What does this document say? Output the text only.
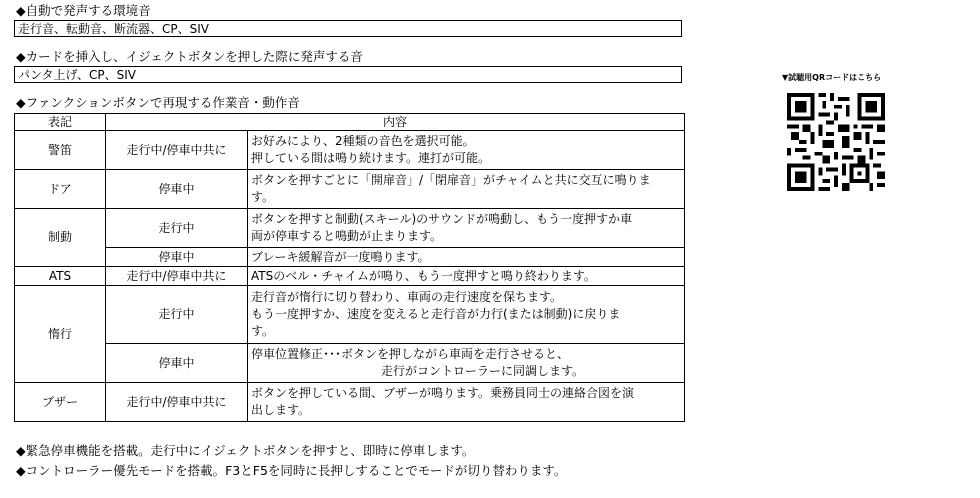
◆自動で発声する環境音
走行音、転動音、断流器、CP、SIV
◆カードを挿入し、イジェクトボタンを押した際に発声する音
パンタ上げ、CP、SIV
◆ファンクションボタンで再現する作業音・動作音
表記	内容	
警笛	走行中/停車中共に	お好みにより、2種類の音色を選択可能。
押している間は鳴り続けます。連打が可能。
ドア	停車中	ボタンを押すごとに「開扉音」/「閉扉音」がチャイムと共に交互に鳴りま
す。
制動	走行中	ボタンを押すと制動(スキール)のサウンドが鳴動し、もう一度押すか車
両が停車すると鳴動が止まります。
	停車中	ブレーキ緩解音が一度鳴ります。
ATS	走行中/停車中共に	ATSのベル・チャイムが鳴り、もう一度押すと鳴り終わります。
惰行	走行中	走行音が惰行に切り替わり、車両の走行速度を保ちます。
もう一度押すか、速度を変えると走行音が力行(または制動)に戻りま
す。
	停車中	停車位置修正･･･ボタンを押しながら車両を走行させると、
走行がコントローラーに同調します。
ブザー	走行中/停車中共に	ボタンを押している間、ブザーが鳴ります。乗務員同士の連絡合図を演
出します。
◆緊急停車機能を搭載。走行中にイジェクトボタンを押すと、即時に停車します。
◆コントローラー優先モードを搭載。F3とF5を同時に長押しすることでモードが切り替わります。
▼試聴用QRコードはこちら
